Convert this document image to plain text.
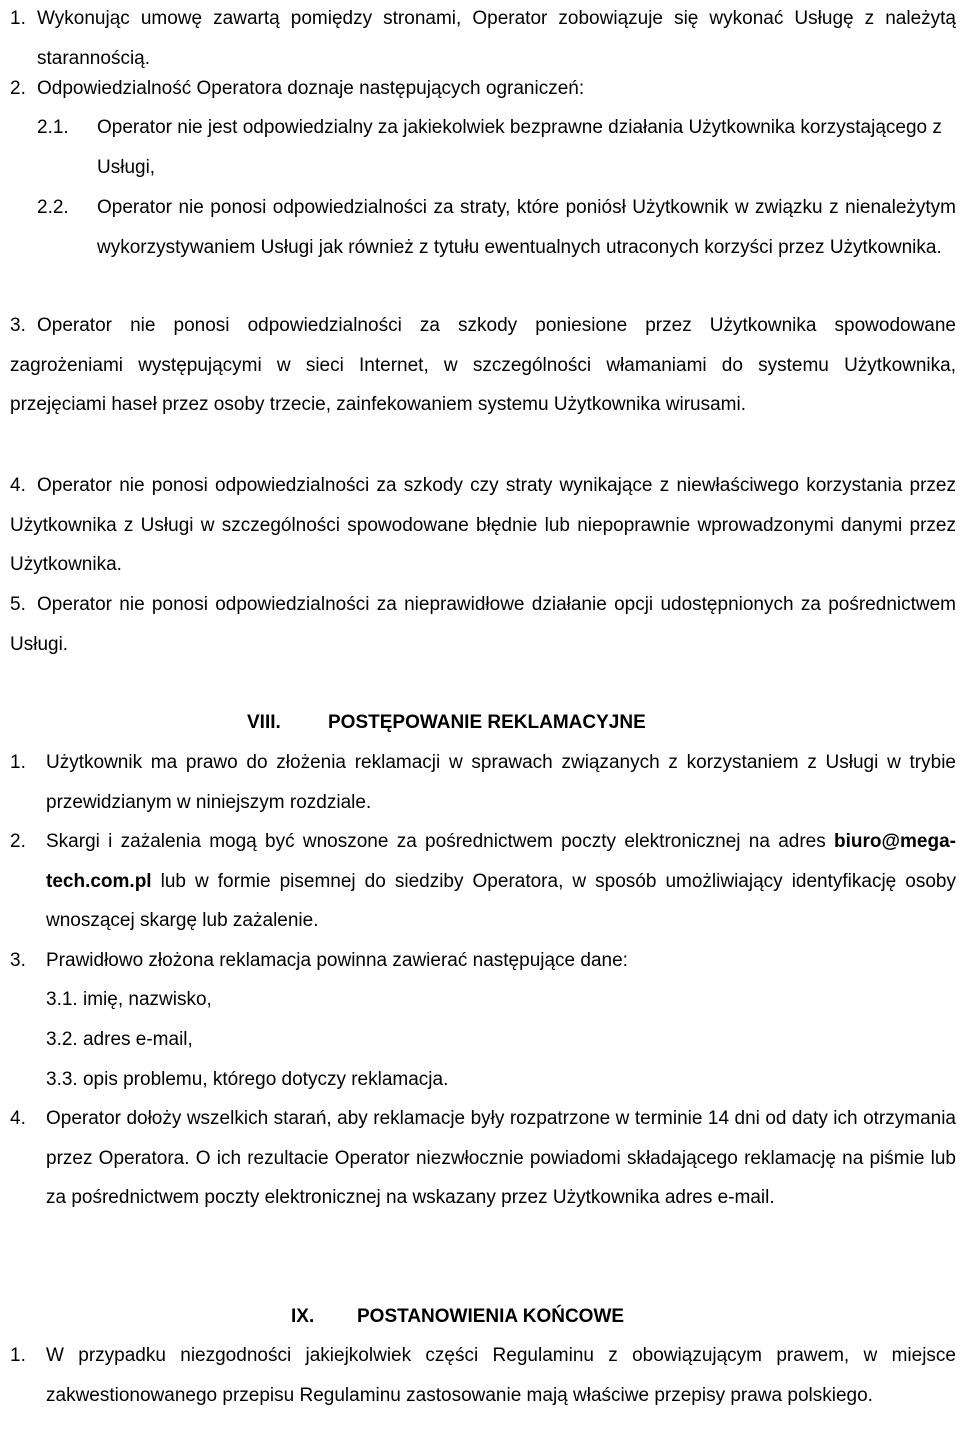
1. Wykonując umowę zawartą pomiędzy stronami, Operator zobowiązuje się wykonać Usługę z należytą starannością.
2. Odpowiedzialność Operatora doznaje następujących ograniczeń:
2.1. Operator nie jest odpowiedzialny za jakiekolwiek bezprawne działania Użytkownika korzystającego z Usługi,
2.2. Operator nie ponosi odpowiedzialności za straty, które poniósł Użytkownik w związku z nienależytym wykorzystywaniem Usługi jak również z tytułu ewentualnych utraconych korzyści przez Użytkownika.
3. Operator nie ponosi odpowiedzialności za szkody poniesione przez Użytkownika spowodowane zagrożeniami występującymi w sieci Internet, w szczególności włamaniami do systemu Użytkownika, przejęciami haseł przez osoby trzecie, zainfekowaniem systemu Użytkownika wirusami.
4. Operator nie ponosi odpowiedzialności za szkody czy straty wynikające z niewłaściwego korzystania przez Użytkownika z Usługi w szczególności spowodowane błędnie lub niepoprawnie wprowadzonymi danymi przez Użytkownika.
5. Operator nie ponosi odpowiedzialności za nieprawidłowe działanie opcji udostępnionych za pośrednictwem Usługi.
VIII. POSTĘPOWANIE REKLAMACYJNE
1. Użytkownik ma prawo do złożenia reklamacji w sprawach związanych z korzystaniem z Usługi w trybie przewidzianym w niniejszym rozdziale.
2. Skargi i zażalenia mogą być wnoszone za pośrednictwem poczty elektronicznej na adres biuro@mega-tech.com.pl lub w formie pisemnej do siedziby Operatora, w sposób umożliwiający identyfikację osoby wnoszącej skargę lub zażalenie.
3. Prawidłowo złożona reklamacja powinna zawierać następujące dane:
3.1. imię, nazwisko,
3.2. adres e-mail,
3.3. opis problemu, którego dotyczy reklamacja.
4. Operator dołoży wszelkich starań, aby reklamacje były rozpatrzone w terminie 14 dni od daty ich otrzymania przez Operatora. O ich rezultacie Operator niezwłocznie powiadomi składającego reklamację na piśmie lub za pośrednictwem poczty elektronicznej na wskazany przez Użytkownika adres e-mail.
IX. POSTANOWIENIA KOŃCOWE
1. W przypadku niezgodności jakiejkolwiek części Regulaminu z obowiązującym prawem, w miejsce zakwestionowanego przepisu Regulaminu zastosowanie mają właściwe przepisy prawa polskiego.
